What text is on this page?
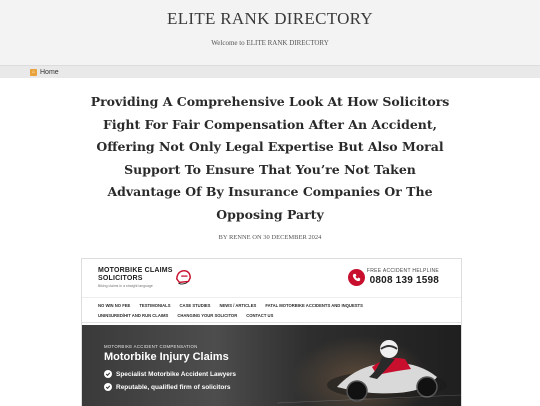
ELITE RANK DIRECTORY
Welcome to ELITE RANK DIRECTORY
⌂ Home
Providing A Comprehensive Look At How Solicitors Fight For Fair Compensation After An Accident, Offering Not Only Legal Expertise But Also Moral Support To Ensure That You’re Not Taken Advantage Of By Insurance Companies Or The Opposing Party
BY RENNE ON 30 DECEMBER 2024
MOTORBIKE CLAIMS
SOLICITORS
Biking claims in a straight language
FREE ACCIDENT HELPLINE
0808 139 1598
NO WIN NO FEE TESTIMONIALS CASE STUDIES NEWS / ARTICLES FATAL MOTORBIKE ACCIDENTS AND INQUESTS
UNINSURED/HIT AND RUN CLAIMS CHANGING YOUR SOLICITOR CONTACT US
MOTORBIKE ACCIDENT COMPENSATION
Motorbike Injury Claims
Specialist Motorbike Accident Lawyers
Reputable, qualified firm of solicitors
